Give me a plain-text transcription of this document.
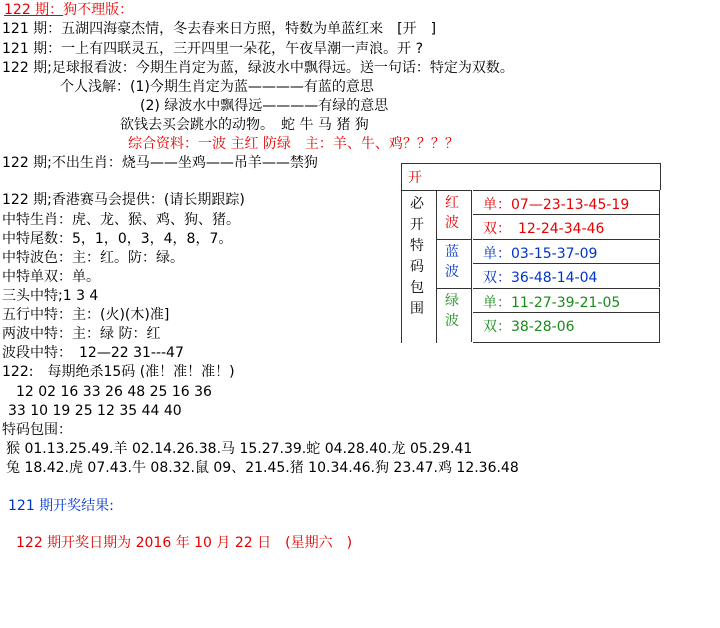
122 期：狗不理版：
121 期：五湖四海豪杰情，冬去春来日方照，特数为单蓝红来　[开　]
121 期：一上有四联灵五，三开四里一朵花，午夜旱潮一声浪。开 ?
122 期;足球报看波：今期生肖定为蓝，绿波水中飘得远。送一句话：特定为双数。
个人浅解：(1)今期生肖定为蓝————有蓝的意思
(2) 绿波水中飘得远————有绿的意思
欲钱去买会跳水的动物。　蛇 牛 马 猪 狗
综合资料：一波 主红 防绿　主：羊、牛、鸡？？？？
122 期;不出生肖：烧马——坐鸡——吊羊——禁狗
122 期;香港赛马会提供：(请长期跟踪)
中特生肖：虎、龙、猴、鸡、狗、猪。
中特尾数：5，1，0，3，4，8，7。
中特波色：主：红。防：绿。
中特单双：单。
三头中特;1 3 4
五行中特：主：(火)(木)准]
两波中特：主：绿 防：红
波段中特：　12—22 31---47
122:　每期绝杀15码 (准！准！准！)
12 02 16 33 26 48 25 16 36
33 10 19 25 12 35 44 40
特码包围：
猴 01.13.25.49.羊 02.14.26.38.马 15.27.39.蛇 04.28.40.龙 05.29.41
兔 18.42.虎 07.43.牛 08.32.鼠 09、21.45.猪 10.34.46.狗 23.47.鸡 12.36.48
121 期开奖结果:
122 期开奖日期为 2016 年 10 月 22 日　(星期六　)
开
必开特码包围
红波
蓝波
绿波
单：07—23-13-45-19
双：　12-24-34-46
单：03-15-37-09
双：36-48-14-04
单：11-27-39-21-05
双：38-28-06
